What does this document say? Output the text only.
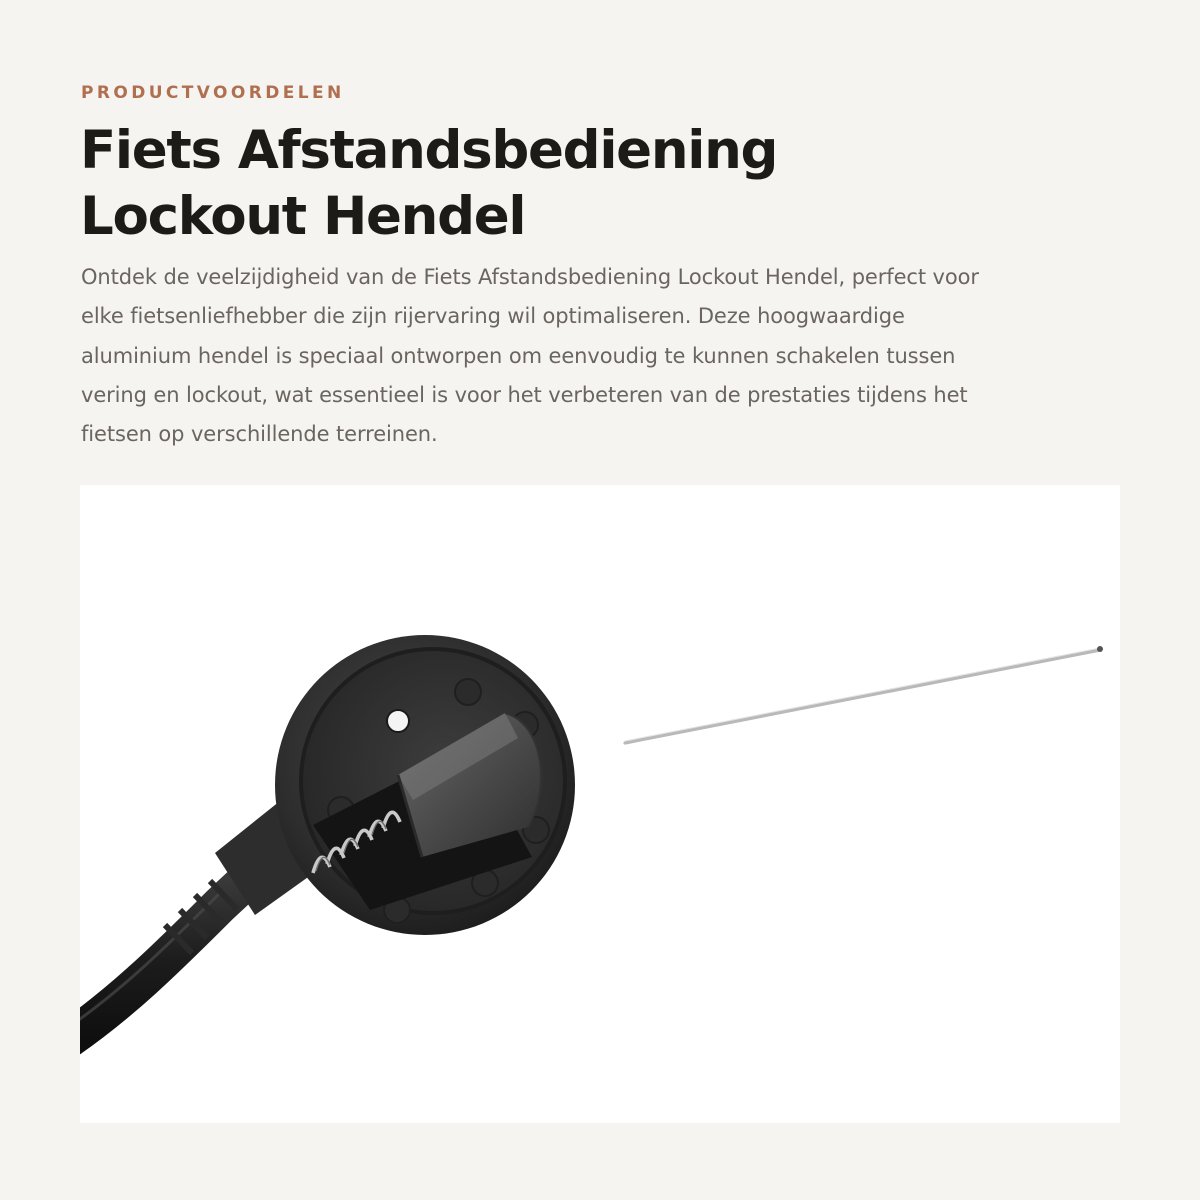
PRODUCTVOORDELEN
Fiets Afstandsbediening
Lockout Hendel

Ontdek de veelzijdigheid van de Fiets Afstandsbediening Lockout Hendel, perfect voor
elke fietsenliefhebber die zijn rijervaring wil optimaliseren. Deze hoogwaardige
aluminium hendel is speciaal ontworpen om eenvoudig te kunnen schakelen tussen
vering en lockout, wat essentieel is voor het verbeteren van de prestaties tijdens het
fietsen op verschillende terreinen.
